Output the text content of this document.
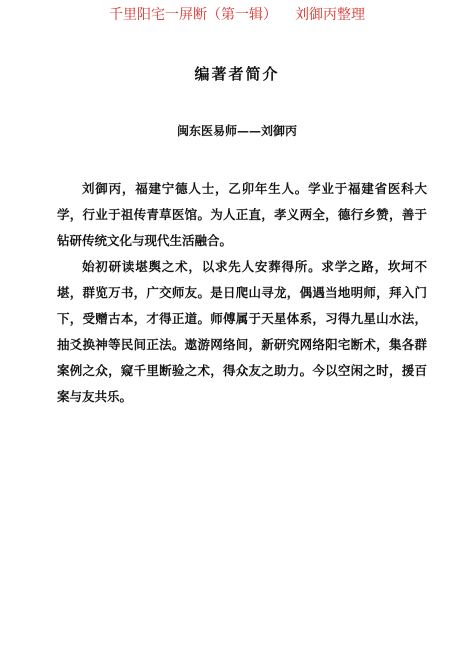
千里阳宅一屏断（第一辑） 刘御丙整理
编著者简介
闽东医易师——刘御丙

刘御丙，福建宁德人士，乙卯年生人。学业于福建省医科大学，行业于祖传青草医馆。为人正直，孝义两全，德行乡赞，善于钻研传统文化与现代生活融合。

始初研读堪舆之术，以求先人安葬得所。求学之路，坎坷不堪，群览万书，广交师友。是日爬山寻龙，偶遇当地明师，拜入门下，受赠古本，才得正道。师傅属于天星体系，习得九星山水法，抽爻换神等民间正法。遨游网络间，新研究网络阳宅断术，集各群案例之众，窥千里断验之术，得众友之助力。今以空闲之时，援百案与友共乐。
